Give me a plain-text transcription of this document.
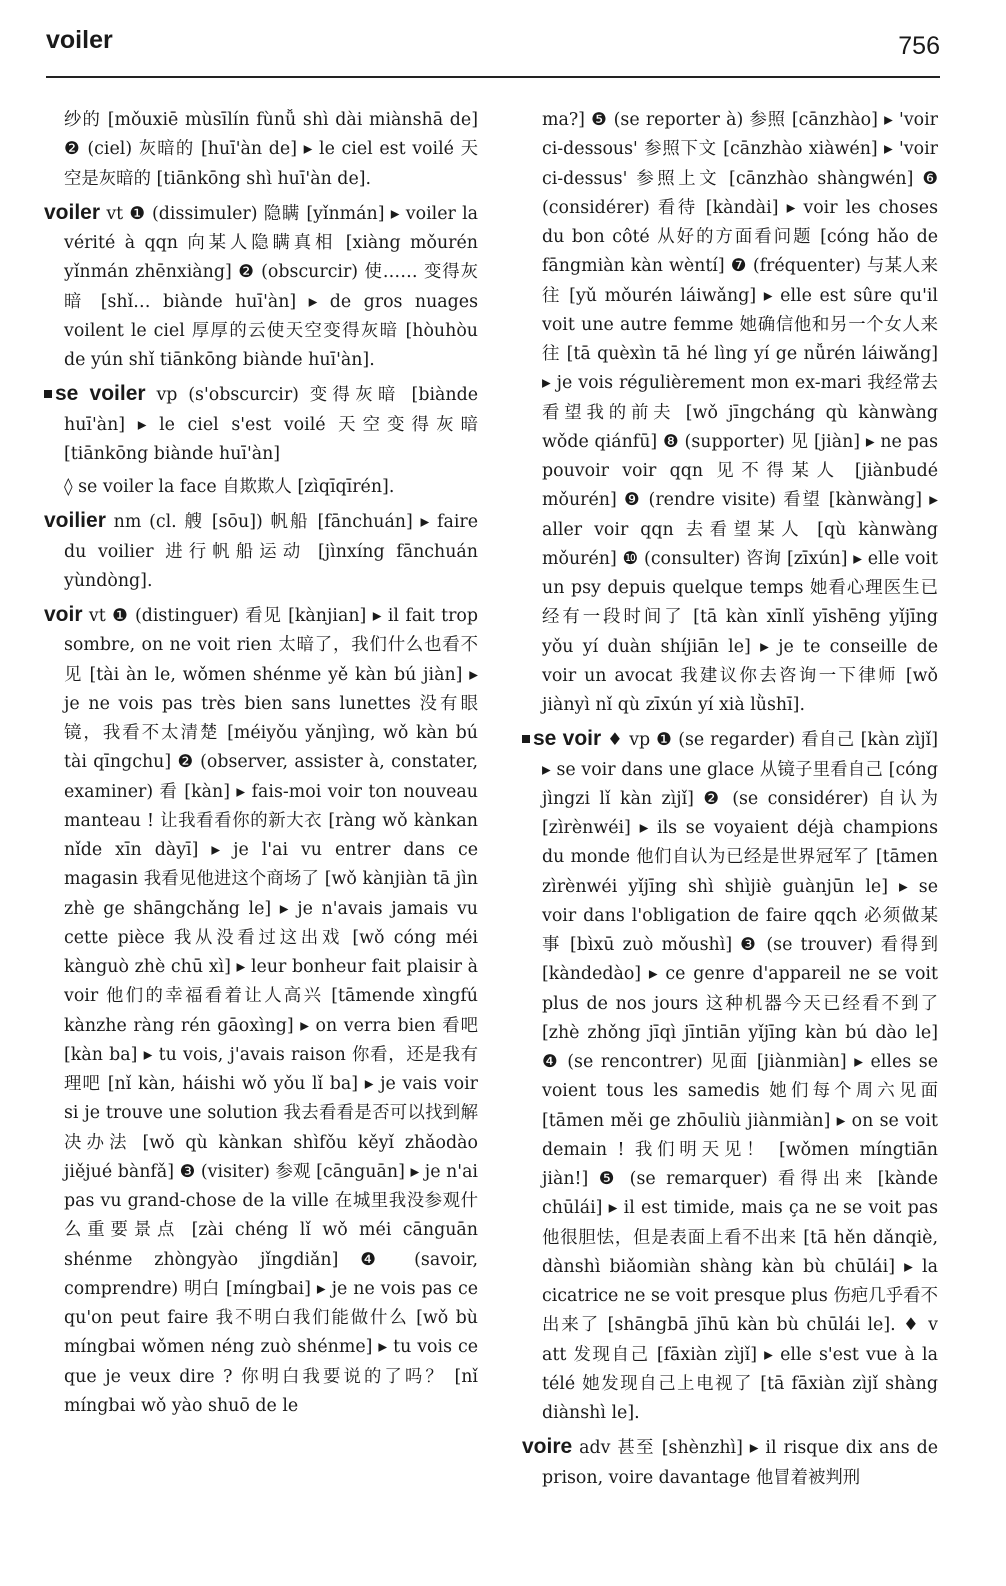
voiler	756

纱的 [mǒuxiē mùsīlín fùnǚ shì dài miànshā de] ❷ (ciel) 灰暗的 [huī'àn de] ▸ le ciel est voilé 天空是灰暗的 [tiānkōng shì huī'àn de].

voiler vt ❶ (dissimuler) 隐瞒 [yǐnmán] ▸ voiler la vérité à qqn 向某人隐瞒真相 [xiàng mǒurén yǐnmán zhēnxiàng] ❷ (obscurcir) 使…… 变得灰暗 [shǐ… biànde huī'àn] ▸ de gros nuages voilent le ciel 厚厚的云使天空变得灰暗 [hòuhòu de yún shǐ tiānkōng biànde huī'àn].

se voiler vp (s'obscurcir) 变得灰暗 [biànde huī'àn] ▸ le ciel s'est voilé 天空变得灰暗 [tiānkōng biànde huī'àn]

◊ se voiler la face 自欺欺人 [zìqīqīrén].

voilier nm (cl. 艘 [sōu]) 帆船 [fānchuán] ▸ faire du voilier 进行帆船运动 [jìnxíng fānchuán yùndòng].

voir vt ❶ (distinguer) 看见 [kànjian] ▸ il fait trop sombre, on ne voit rien 太暗了，我们什么也看不见 [tài àn le, wǒmen shénme yě kàn bú jiàn] ▸ je ne vois pas très bien sans lunettes 没有眼镜，我看不太清楚 [méiyǒu yǎnjìng, wǒ kàn bú tài qīngchu] ❷ (observer, assister à, constater, examiner) 看 [kàn] ▸ fais-moi voir ton nouveau manteau ! 让我看看你的新大衣 [ràng wǒ kànkan nǐde xīn dàyī] ▸ je l'ai vu entrer dans ce magasin 我看见他进这个商场了 [wǒ kànjiàn tā jìn zhè ge shāngchǎng le] ▸ je n'avais jamais vu cette pièce 我从没看过这出戏 [wǒ cóng méi kànguò zhè chū xì] ▸ leur bonheur fait plaisir à voir 他们的幸福看着让人高兴 [tāmende xìngfú kànzhe ràng rén gāoxìng] ▸ on verra bien 看吧 [kàn ba] ▸ tu vois, j'avais raison 你看，还是我有理吧 [nǐ kàn, háishi wǒ yǒu lǐ ba] ▸ je vais voir si je trouve une solution 我去看看是否可以找到解决办法 [wǒ qù kànkan shìfǒu kěyǐ zhǎodào jiějué bànfǎ] ❸ (visiter) 参观 [cānguān] ▸ je n'ai pas vu grand-chose de la ville 在城里我没参观什么重要景点 [zài chéng lǐ wǒ méi cānguān shénme zhòngyào jǐngdiǎn] ❹ (savoir, comprendre) 明白 [míngbai] ▸ je ne vois pas ce qu'on peut faire 我不明白我们能做什么 [wǒ bù míngbai wǒmen néng zuò shénme] ▸ tu vois ce que je veux dire ? 你明白我要说的了吗？ [nǐ míngbai wǒ yào shuō de le

ma?] ❺ (se reporter à) 参照 [cānzhào] ▸ 'voir ci-dessous' 参照下文 [cānzhào xiàwén] ▸ 'voir ci-dessus' 参照上文 [cānzhào shàngwén] ❻ (considérer) 看待 [kàndài] ▸ voir les choses du bon côté 从好的方面看问题 [cóng hǎo de fāngmiàn kàn wèntí] ❼ (fréquenter) 与某人来往 [yǔ mǒurén láiwǎng] ▸ elle est sûre qu'il voit une autre femme 她确信他和另一个女人来往 [tā quèxìn tā hé lìng yí ge nǚrén láiwǎng] ▸ je vois régulièrement mon ex-mari 我经常去看望我的前夫 [wǒ jīngcháng qù kànwàng wǒde qiánfū] ❽ (supporter) 见 [jiàn] ▸ ne pas pouvoir voir qqn 见不得某人 [jiànbudé mǒurén] ❾ (rendre visite) 看望 [kànwàng] ▸ aller voir qqn 去看望某人 [qù kànwàng mǒurén] ❿ (consulter) 咨询 [zīxún] ▸ elle voit un psy depuis quelque temps 她看心理医生已经有一段时间了 [tā kàn xīnlǐ yīshēng yǐjīng yǒu yí duàn shíjiān le] ▸ je te conseille de voir un avocat 我建议你去咨询一下律师 [wǒ jiànyì nǐ qù zīxún yí xià lǜshī].

se voir ♦ vp ❶ (se regarder) 看自己 [kàn zìjǐ] ▸ se voir dans une glace 从镜子里看自己 [cóng jìngzi lǐ kàn zìjǐ] ❷ (se considérer) 自认为 [zìrènwéi] ▸ ils se voyaient déjà champions du monde 他们自认为已经是世界冠军了 [tāmen zìrènwéi yǐjīng shì shìjiè guànjūn le] ▸ se voir dans l'obligation de faire qqch 必须做某事 [bìxū zuò mǒushì] ❸ (se trouver) 看得到 [kàndedào] ▸ ce genre d'appareil ne se voit plus de nos jours 这种机器今天已经看不到了 [zhè zhǒng jīqì jīntiān yǐjīng kàn bú dào le] ❹ (se rencontrer) 见面 [jiànmiàn] ▸ elles se voient tous les samedis 她们每个周六见面 [tāmen měi ge zhōuliù jiànmiàn] ▸ on se voit demain ! 我们明天见！ [wǒmen míngtiān jiàn!] ❺ (se remarquer) 看得出来 [kànde chūlái] ▸ il est timide, mais ça ne se voit pas 他很胆怯，但是表面上看不出来 [tā hěn dǎnqiè, dànshì biǎomiàn shàng kàn bù chūlái] ▸ la cicatrice ne se voit presque plus 伤疤几乎看不出来了 [shāngbā jīhū kàn bù chūlái le]. ♦ v att 发现自己 [fāxiàn zìjǐ] ▸ elle s'est vue à la télé 她发现自己上电视了 [tā fāxiàn zìjǐ shàng diànshì le].

voire adv 甚至 [shènzhì] ▸ il risque dix ans de prison, voire davantage 他冒着被判刑
